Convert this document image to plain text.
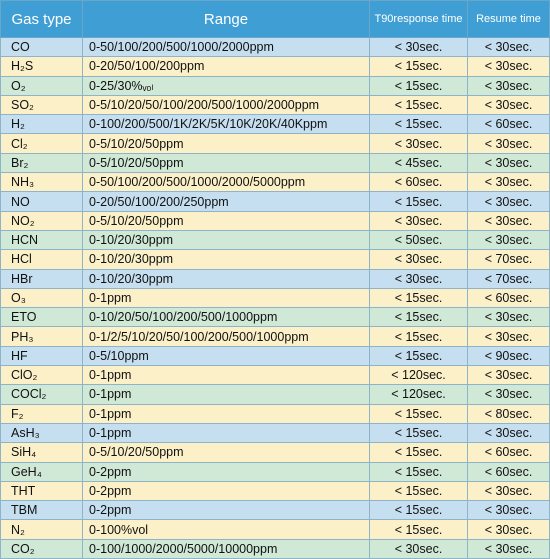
Gas type	Range	T90response time	Resume time
CO	0-50/100/200/500/1000/2000ppm	< 30sec.	< 30sec.
H₂S	0-20/50/100/200ppm	< 15sec.	< 30sec.
O₂	0-25/30%ᵥₒₗ	< 15sec.	< 30sec.
SO₂	0-5/10/20/50/100/200/500/1000/2000ppm	< 15sec.	< 30sec.
H₂	0-100/200/500/1K/2K/5K/10K/20K/40Kppm	< 15sec.	< 60sec.
Cl₂	0-5/10/20/50ppm	< 30sec.	< 30sec.
Br₂	0-5/10/20/50ppm	< 45sec.	< 30sec.
NH₃	0-50/100/200/500/1000/2000/5000ppm	< 60sec.	< 30sec.
NO	0-20/50/100/200/250ppm	< 15sec.	< 30sec.
NO₂	0-5/10/20/50ppm	< 30sec.	< 30sec.
HCN	0-10/20/30ppm	< 50sec.	< 30sec.
HCl	0-10/20/30ppm	< 30sec.	< 70sec.
HBr	0-10/20/30ppm	< 30sec.	< 70sec.
O₃	0-1ppm	< 15sec.	< 60sec.
ETO	0-10/20/50/100/200/500/1000ppm	< 15sec.	< 30sec.
PH₃	0-1/2/5/10/20/50/100/200/500/1000ppm	< 15sec.	< 30sec.
HF	0-5/10ppm	< 15sec.	< 90sec.
ClO₂	0-1ppm	< 120sec.	< 30sec.
COCl₂	0-1ppm	< 120sec.	< 30sec.
F₂	0-1ppm	< 15sec.	< 80sec.
AsH₃	0-1ppm	< 15sec.	< 30sec.
SiH₄	0-5/10/20/50ppm	< 15sec.	< 60sec.
GeH₄	0-2ppm	< 15sec.	< 60sec.
THT	0-2ppm	< 15sec.	< 30sec.
TBM	0-2ppm	< 15sec.	< 30sec.
N₂	0-100%vol	< 15sec.	< 30sec.
CO₂	0-100/1000/2000/5000/10000ppm	< 30sec.	< 30sec.
